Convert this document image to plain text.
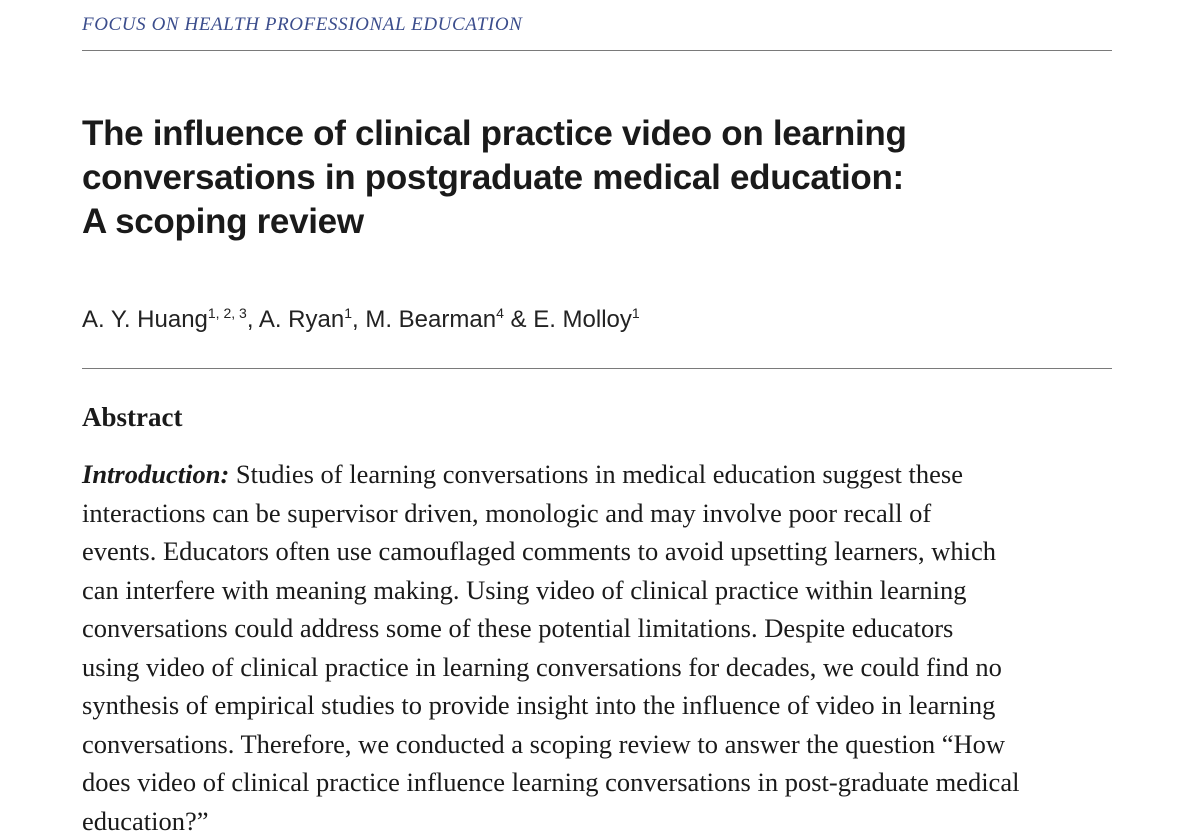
FOCUS ON HEALTH PROFESSIONAL EDUCATION
The influence of clinical practice video on learning
conversations in postgraduate medical education:
A scoping review
A. Y. Huang$^{1, 2, 3}$, A. Ryan$^1$, M. Bearman$^4$ & E. Molloy$^1$
Abstract
Introduction: Studies of learning conversations in medical education suggest these
interactions can be supervisor driven, monologic and may involve poor recall of
events. Educators often use camouflaged comments to avoid upsetting learners, which
can interfere with meaning making. Using video of clinical practice within learning
conversations could address some of these potential limitations. Despite educators
using video of clinical practice in learning conversations for decades, we could find no
synthesis of empirical studies to provide insight into the influence of video in learning
conversations. Therefore, we conducted a scoping review to answer the question “How
does video of clinical practice influence learning conversations in post-graduate medical
education?”
